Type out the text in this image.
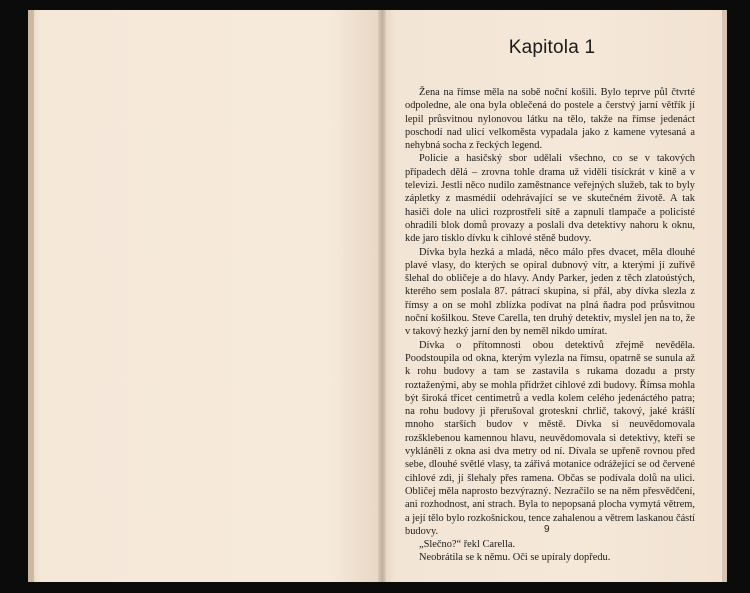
Kapitola 1

Žena na římse měla na sobě noční košili. Bylo teprve půl čtvrté odpoledne, ale ona byla oblečená do postele a čerstvý jarní větřík jí lepil průsvitnou nylonovou látku na tělo, takže na římse jedenáct poschodí nad ulicí velkoměsta vypadala jako z kamene vytesaná a nehybná socha z řeckých legend.

Policie a hasičský sbor udělali všechno, co se v takových případech dělá – zrovna tohle drama už viděli tisíckrát v kině a v televizi. Jestli něco nudilo zaměstnance veřejných služeb, tak to byly zápletky z masmédií odehrávající se ve skutečném životě. A tak hasiči dole na ulici rozprostřeli sítě a zapnuli tlampače a policisté ohradili blok domů provazy a poslali dva detektivy nahoru k oknu, kde jaro tisklo dívku k cihlové stěně budovy.

Dívka byla hezká a mladá, něco málo přes dvacet, měla dlouhé plavé vlasy, do kterých se opíral dubnový vítr, a kterými jí zuřivě šlehal do obličeje a do hlavy. Andy Parker, jeden z těch zlatoústých, kterého sem poslala 87. pátrací skupina, si přál, aby dívka slezla z římsy a on se mohl zblízka podívat na plná ňadra pod průsvitnou noční košilkou. Steve Carella, ten druhý detektiv, myslel jen na to, že v takový hezký jarní den by neměl nikdo umírat.

Dívka o přítomnosti obou detektivů zřejmě nevěděla. Poodstoupila od okna, kterým vylezla na římsu, opatrně se sunula až k rohu budovy a tam se zastavila s rukama dozadu a prsty roztaženými, aby se mohla přidržet cihlové zdi budovy. Římsa mohla být široká třicet centimetrů a vedla kolem celého jedenáctého patra; na rohu budovy ji přerušoval groteskní chrlič, takový, jaké krášlí mnoho starších budov v městě. Dívka si neuvědomovala rozšklebenou kamennou hlavu, neuvědomovala si detektivy, kteří se vykláněli z okna asi dva metry od ní. Dívala se upřeně rovnou před sebe, dlouhé světlé vlasy, ta zářivá motanice odrážející se od červené cihlové zdi, jí šlehaly přes ramena. Občas se podívala dolů na ulici. Obličej měla naprosto bezvýrazný. Nezračilo se na něm přesvědčení, ani rozhodnost, ani strach. Byla to nepopsaná plocha vymytá větrem, a její tělo bylo rozkošnickou, tence zahalenou a větrem laskanou částí budovy.

„Slečno?“ řekl Carella.

Neobrátila se k němu. Oči se upíraly dopředu.

9
